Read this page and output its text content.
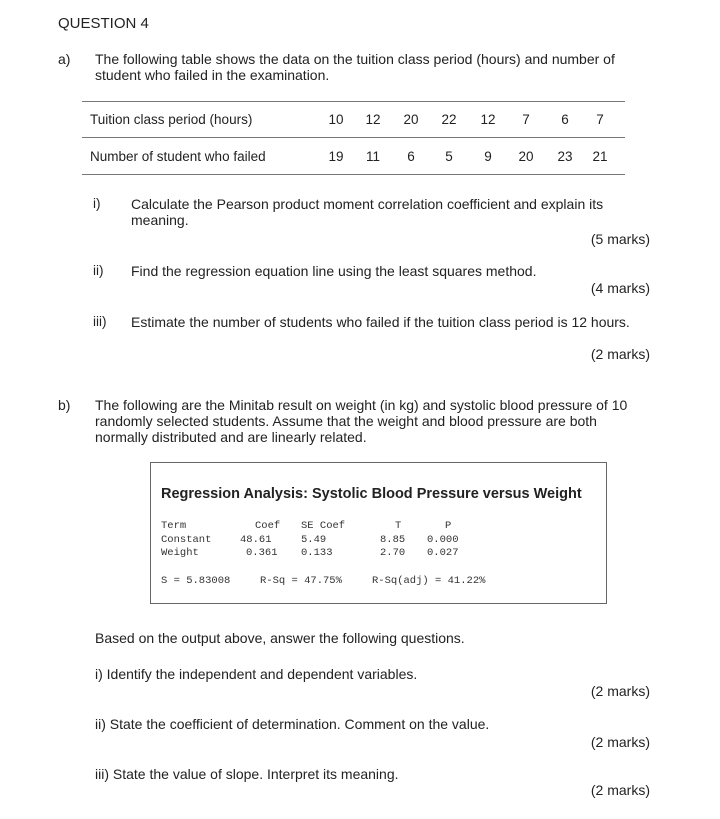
QUESTION 4
a) The following table shows the data on the tuition class period (hours) and number of
student who failed in the examination.
Tuition class period (hours)	10	12	20	22	12	7	6	7
Number of student who failed	19	11	6	5	9	20	23	21
i) Calculate the Pearson product moment correlation coefficient and explain its
meaning.
(5 marks)
ii) Find the regression equation line using the least squares method.
(4 marks)
iii) Estimate the number of students who failed if the tuition class period is 12 hours.
(2 marks)
b) The following are the Minitab result on weight (in kg) and systolic blood pressure of 10
randomly selected students. Assume that the weight and blood pressure are both
normally distributed and are linearly related.
Regression Analysis: Systolic Blood Pressure versus Weight
Term	Coef SE Coef	T	P
Constant	48.61	5.49	8.85 0.000
Weight	0.361 0.133	2.70 0.027
S = 5.83008	R-Sq = 47.75%	R-Sq(adj) = 41.22%
Based on the output above, answer the following questions.
i) Identify the independent and dependent variables.
(2 marks)
ii) State the coefficient of determination. Comment on the value.
(2 marks)
iii) State the value of slope. Interpret its meaning.
(2 marks)
